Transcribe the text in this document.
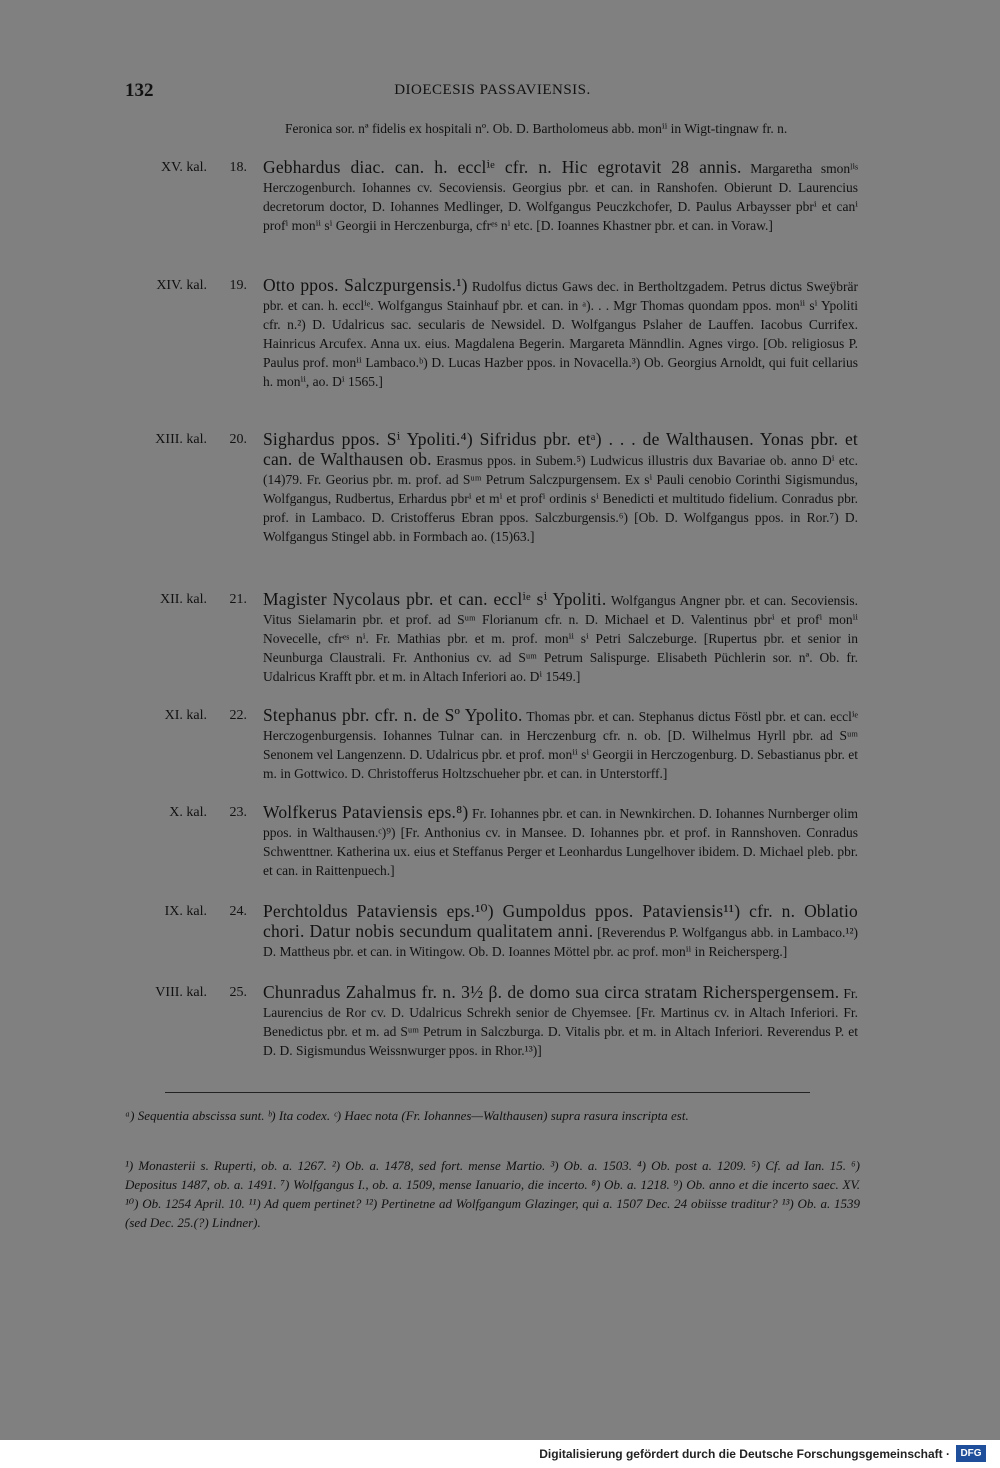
132	DIOECESIS PASSAVIENSIS.
Feronica sor. nª fidelis ex hospitali nº. Ob. D. Bartholomeus abb. monⁱⁱ in Wigt-tingnaw fr. n.
XV. kal.	18. Gebhardus diac. can. h. ecclⁱᵉ cfr. n. Hic egrotavit 28 annis. Margaretha smonˡⁱˢ Herczogenburch. Iohannes cv. Secoviensis. Georgius pbr. et can. in Ranshofen. Obierunt D. Laurencius decretorum doctor, D. Iohannes Medlinger, D. Wolfgangus Peuczkchofer, D. Paulus Arbaysser pbrⁱ et canⁱ profⁱ monⁱⁱ sⁱ Georgii in Herczenburga, cfrᵉˢ nⁱ etc. [D. Ioannes Khastner pbr. et can. in Voraw.]
XIV. kal.	19. Otto ppos. Salczpurgensis.¹) Rudolfus dictus Gaws dec. in Bertholtzgadem. Petrus dictus Sweÿbrär pbr. et can. h. ecclⁱᵉ. Wolfgangus Stainhauf pbr. et can. in ᵃ). . . Mgr Thomas quondam ppos. monⁱⁱ sⁱ Ypoliti cfr. n.²) D. Udalricus sac. secularis de Newsidel. D. Wolfgangus Pslaher de Lauffen. Iacobus Currifex. Hainricus Arcufex. Anna ux. eius. Magdalena Begerin. Margareta Männdlin. Agnes virgo. [Ob. religiosus P. Paulus prof. monⁱⁱ Lambaco.ᵇ) D. Lucas Hazber ppos. in Novacella.³) Ob. Georgius Arnoldt, qui fuit cellarius h. monⁱⁱ, ao. Dⁱ 1565.]
XIII. kal.	20. Sighardus ppos. Sⁱ Ypoliti.⁴) Sifridus pbr. etᵃ) . . . de Walthausen. Yonas pbr. et can. de Walthausen ob. Erasmus ppos. in Subem.⁵) Ludwicus illustris dux Bavariae ob. anno Dⁱ etc. (14)79. Fr. Georius pbr. m. prof. ad Sᵘᵐ Petrum Salczpurgensem. Ex sⁱ Pauli cenobio Corinthi Sigismundus, Wolfgangus, Rudbertus, Erhardus pbrⁱ et mⁱ et profⁱ ordinis sⁱ Benedicti et multitudo fidelium. Conradus pbr. prof. in Lambaco. D. Cristofferus Ebran ppos. Salczburgensis.⁶) [Ob. D. Wolfgangus ppos. in Ror.⁷) D. Wolfgangus Stingel abb. in Formbach ao. (15)63.]
XII. kal.	21. Magister Nycolaus pbr. et can. ecclⁱᵉ sⁱ Ypoliti. Wolfgangus Angner pbr. et can. Secoviensis. Vitus Sielamarin pbr. et prof. ad Sᵘᵐ Florianum cfr. n. D. Michael et D. Valentinus pbrⁱ et profⁱ monⁱⁱ Novecelle, cfrᵉˢ nⁱ. Fr. Mathias pbr. et m. prof. monⁱⁱ sⁱ Petri Salczeburge. [Rupertus pbr. et senior in Neunburga Claustrali. Fr. Anthonius cv. ad Sᵘᵐ Petrum Salispurge. Elisabeth Püchlerin sor. nª. Ob. fr. Udalricus Krafft pbr. et m. in Altach Inferiori ao. Dⁱ 1549.]
XI. kal.	22. Stephanus pbr. cfr. n. de Sº Ypolito. Thomas pbr. et can. Stephanus dictus Föstl pbr. et can. ecclⁱᵉ Herczogenburgensis. Iohannes Tulnar can. in Herczenburg cfr. n. ob. [D. Wilhelmus Hyrll pbr. ad Sᵘᵐ Senonem vel Langenzenn. D. Udalricus pbr. et prof. monⁱⁱ sⁱ Georgii in Herczogenburg. D. Sebastianus pbr. et m. in Gottwico. D. Christofferus Holtzschueher pbr. et can. in Unterstorff.]
X. kal.	23. Wolfkerus Pataviensis eps.⁸) Fr. Iohannes pbr. et can. in Newnkirchen. D. Iohannes Nurnberger olim ppos. in Walthausen.ᶜ)⁹) [Fr. Anthonius cv. in Mansee. D. Iohannes pbr. et prof. in Rannshoven. Conradus Schwenttner. Katherina ux. eius et Steffanus Perger et Leonhardus Lungelhover ibidem. D. Michael pleb. pbr. et can. in Raittenpuech.]
IX. kal.	24. Perchtoldus Pataviensis eps.¹⁰) Gumpoldus ppos. Pataviensis¹¹) cfr. n. Oblatio chori. Datur nobis secundum qualitatem anni. [Reverendus P. Wolfgangus abb. in Lambaco.¹²) D. Mattheus pbr. et can. in Witingow. Ob. D. Ioannes Möttel pbr. ac prof. monⁱⁱ in Reichersperg.]
VIII. kal.	25. Chunradus Zahalmus fr. n. 3½ β. de domo sua circa stratam Richerspergensem. Fr. Laurencius de Ror cv. D. Udalricus Schrekh senior de Chyemsee. [Fr. Martinus cv. in Altach Inferiori. Fr. Benedictus pbr. et m. ad Sᵘᵐ Petrum in Salczburga. D. Vitalis pbr. et m. in Altach Inferiori. Reverendus P. et D. D. Sigismundus Weissnwurger ppos. in Rhor.¹³)]
ᵃ) Sequentia abscissa sunt. ᵇ) Ita codex. ᶜ) Haec nota (Fr. Iohannes—Walthausen) supra rasura inscripta est.
¹) Monasterii s. Ruperti, ob. a. 1267. ²) Ob. a. 1478, sed fort. mense Martio. ³) Ob. a. 1503. ⁴) Ob. post a. 1209. ⁵) Cf. ad Ian. 15. ⁶) Depositus 1487, ob. a. 1491. ⁷) Wolfgangus I., ob. a. 1509, mense Ianuario, die incerto. ⁸) Ob. a. 1218. ⁹) Ob. anno et die incerto saec. XV. ¹⁰) Ob. 1254 April. 10. ¹¹) Ad quem pertinet? ¹²) Pertinetne ad Wolfgangum Glazinger, qui a. 1507 Dec. 24 obiisse traditur? ¹³) Ob. a. 1539 (sed Dec. 25.(?) Lindner).
Digitalisierung gefördert durch die Deutsche Forschungsgemeinschaft ·	DFG
